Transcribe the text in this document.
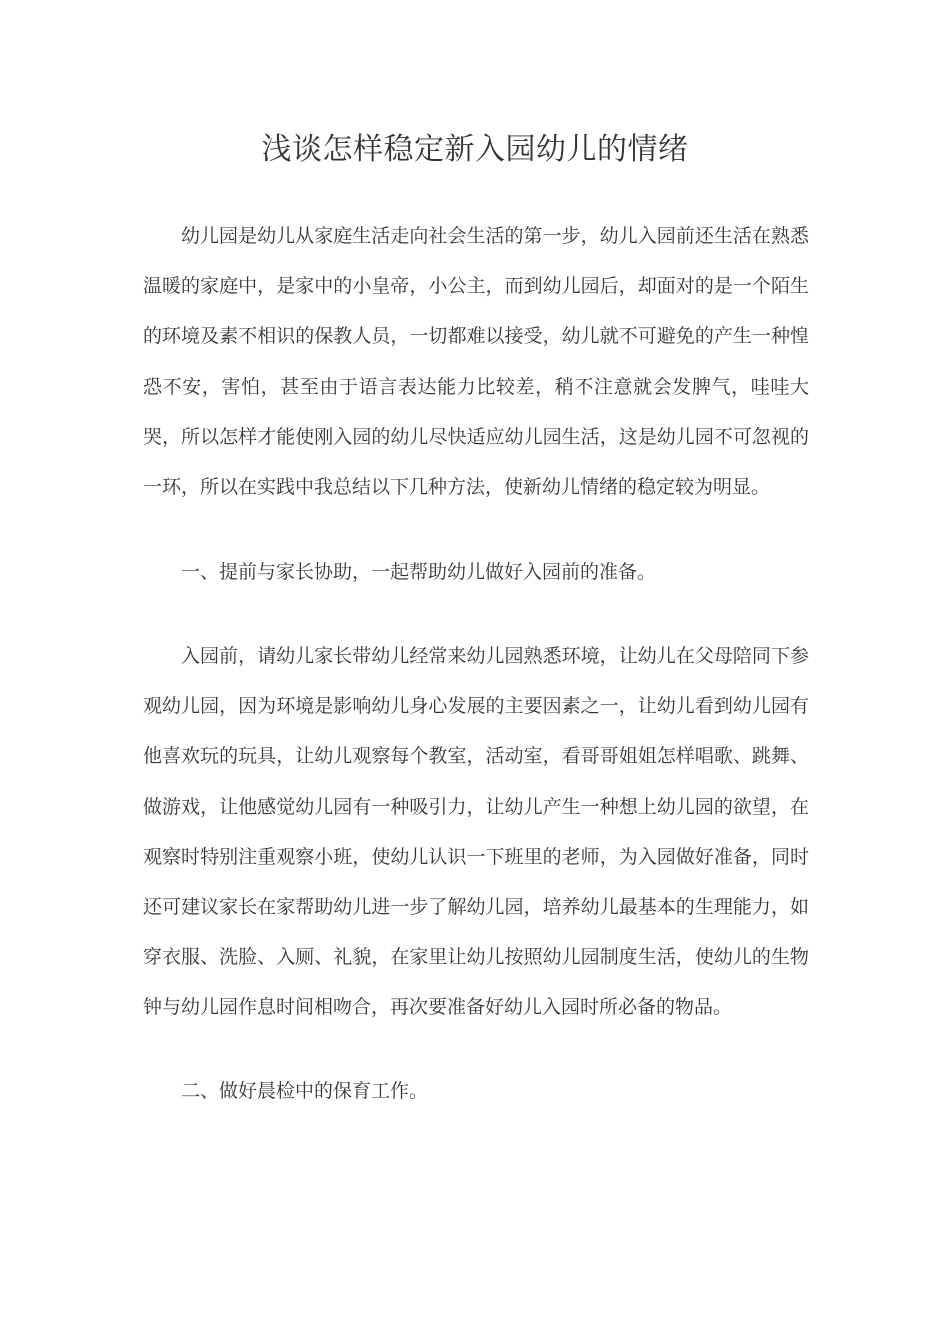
浅谈怎样稳定新入园幼儿的情绪

幼儿园是幼儿从家庭生活走向社会生活的第一步，幼儿入园前还生活在熟悉温暖的家庭中，是家中的小皇帝，小公主，而到幼儿园后，却面对的是一个陌生的环境及素不相识的保教人员，一切都难以接受，幼儿就不可避免的产生一种惶恐不安，害怕，甚至由于语言表达能力比较差，稍不注意就会发脾气，哇哇大哭，所以怎样才能使刚入园的幼儿尽快适应幼儿园生活，这是幼儿园不可忽视的一环，所以在实践中我总结以下几种方法，使新幼儿情绪的稳定较为明显。

一、提前与家长协助，一起帮助幼儿做好入园前的准备。

入园前，请幼儿家长带幼儿经常来幼儿园熟悉环境，让幼儿在父母陪同下参观幼儿园，因为环境是影响幼儿身心发展的主要因素之一，让幼儿看到幼儿园有他喜欢玩的玩具，让幼儿观察每个教室，活动室，看哥哥姐姐怎样唱歌、跳舞、做游戏，让他感觉幼儿园有一种吸引力，让幼儿产生一种想上幼儿园的欲望，在观察时特别注重观察小班，使幼儿认识一下班里的老师，为入园做好准备，同时还可建议家长在家帮助幼儿进一步了解幼儿园，培养幼儿最基本的生理能力，如穿衣服、洗脸、入厕、礼貌，在家里让幼儿按照幼儿园制度生活，使幼儿的生物钟与幼儿园作息时间相吻合，再次要准备好幼儿入园时所必备的物品。

二、做好晨检中的保育工作。
